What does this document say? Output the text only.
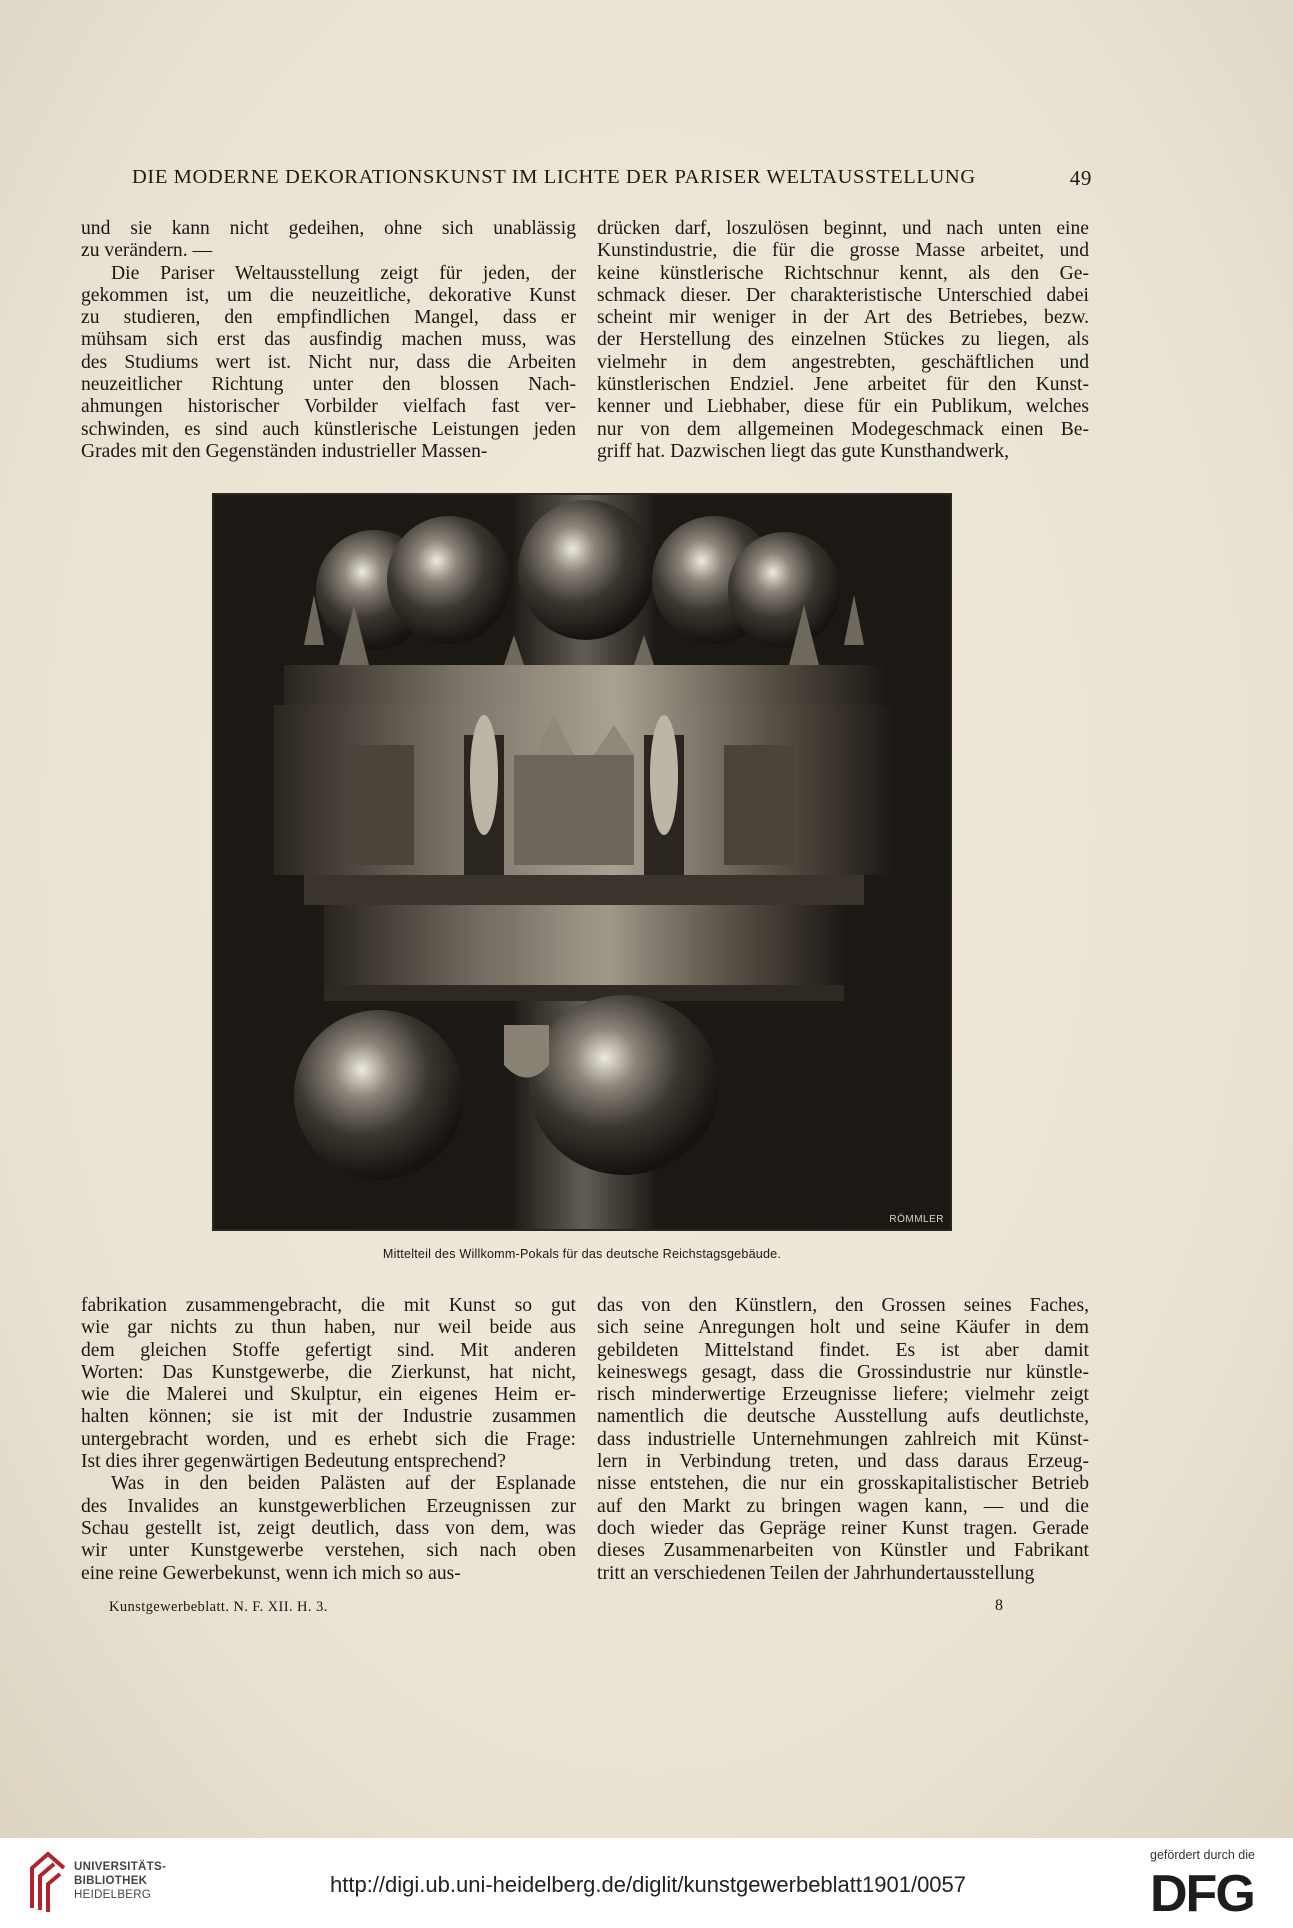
DIE MODERNE DEKORATIONSKUNST IM LICHTE DER PARISER WELTAUSSTELLUNG	49
und sie kann nicht gedeihen, ohne sich unablässig
zu verändern. —
Die Pariser Weltausstellung zeigt für jeden, der
gekommen ist, um die neuzeitliche, dekorative Kunst
zu studieren, den empfindlichen Mangel, dass er
mühsam sich erst das ausfindig machen muss, was
des Studiums wert ist. Nicht nur, dass die Arbeiten
neuzeitlicher Richtung unter den blossen Nach-
ahmungen historischer Vorbilder vielfach fast ver-
schwinden, es sind auch künstlerische Leistungen jeden
Grades mit den Gegenständen industrieller Massen-
drücken darf, loszulösen beginnt, und nach unten eine
Kunstindustrie, die für die grosse Masse arbeitet, und
keine künstlerische Richtschnur kennt, als den Ge-
schmack dieser. Der charakteristische Unterschied dabei
scheint mir weniger in der Art des Betriebes, bezw.
der Herstellung des einzelnen Stückes zu liegen, als
vielmehr in dem angestrebten, geschäftlichen und
künstlerischen Endziel. Jene arbeitet für den Kunst-
kenner und Liebhaber, diese für ein Publikum, welches
nur von dem allgemeinen Modegeschmack einen Be-
griff hat. Dazwischen liegt das gute Kunsthandwerk,
RÖMMLER
Mittelteil des Willkomm-Pokals für das deutsche Reichstagsgebäude.
fabrikation zusammengebracht, die mit Kunst so gut
wie gar nichts zu thun haben, nur weil beide aus
dem gleichen Stoffe gefertigt sind. Mit anderen
Worten: Das Kunstgewerbe, die Zierkunst, hat nicht,
wie die Malerei und Skulptur, ein eigenes Heim er-
halten können; sie ist mit der Industrie zusammen
untergebracht worden, und es erhebt sich die Frage:
Ist dies ihrer gegenwärtigen Bedeutung entsprechend?
Was in den beiden Palästen auf der Esplanade
des Invalides an kunstgewerblichen Erzeugnissen zur
Schau gestellt ist, zeigt deutlich, dass von dem, was
wir unter Kunstgewerbe verstehen, sich nach oben
eine reine Gewerbekunst, wenn ich mich so aus-
das von den Künstlern, den Grossen seines Faches,
sich seine Anregungen holt und seine Käufer in dem
gebildeten Mittelstand findet. Es ist aber damit
keineswegs gesagt, dass die Grossindustrie nur künstle-
risch minderwertige Erzeugnisse liefere; vielmehr zeigt
namentlich die deutsche Ausstellung aufs deutlichste,
dass industrielle Unternehmungen zahlreich mit Künst-
lern in Verbindung treten, und dass daraus Erzeug-
nisse entstehen, die nur ein grosskapitalistischer Betrieb
auf den Markt zu bringen wagen kann, — und die
doch wieder das Gepräge reiner Kunst tragen. Gerade
dieses Zusammenarbeiten von Künstler und Fabrikant
tritt an verschiedenen Teilen der Jahrhundertausstellung
Kunstgewerbeblatt. N. F. XII. H. 3.	8
UNIVERSITÄTS-
BIBLIOTHEK
HEIDELBERG	http://digi.ub.uni-heidelberg.de/diglit/kunstgewerbeblatt1901/0057
gefördert durch die
DFG
